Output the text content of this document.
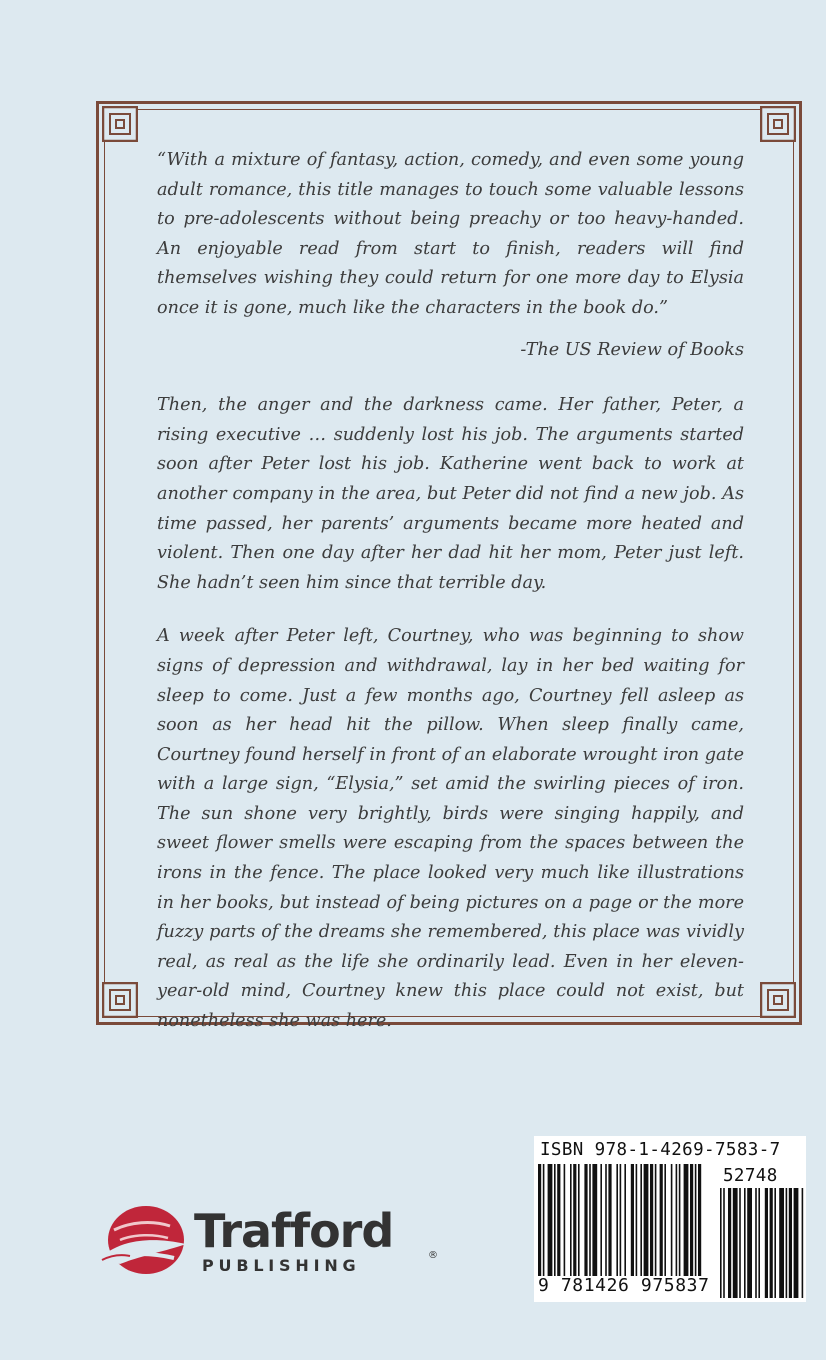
“With a mixture of fantasy, action, comedy, and even some young adult romance, this title manages to touch some valuable lessons to pre-adolescents without being preachy or too heavy-handed. An enjoyable read from start to finish, readers will find themselves wishing they could return for one more day to Elysia once it is gone, much like the characters in the book do.”

-The US Review of Books

Then, the anger and the darkness came. Her father, Peter, a rising executive … suddenly lost his job. The arguments started soon after Peter lost his job. Katherine went back to work at another company in the area, but Peter did not find a new job. As time passed, her parents’ arguments became more heated and violent. Then one day after her dad hit her mom, Peter just left. She hadn’t seen him since that terrible day.

A week after Peter left, Courtney, who was beginning to show signs of depression and withdrawal, lay in her bed waiting for sleep to come. Just a few months ago, Courtney fell asleep as soon as her head hit the pillow. When sleep finally came, Courtney found herself in front of an elaborate wrought iron gate with a large sign, “Elysia,” set amid the swirling pieces of iron. The sun shone very brightly, birds were singing happily, and sweet flower smells were escaping from the spaces between the irons in the fence. The place looked very much like illustrations in her books, but instead of being pictures on a page or the more fuzzy parts of the dreams she remembered, this place was vividly real, as real as the life she ordinarily lead. Even in her eleven-year-old mind, Courtney knew this place could not exist, but nonetheless she was here.

Trafford	®
PUBLISHING
ISBN 978-1-4269-7583-7
52748
9 781426 975837
